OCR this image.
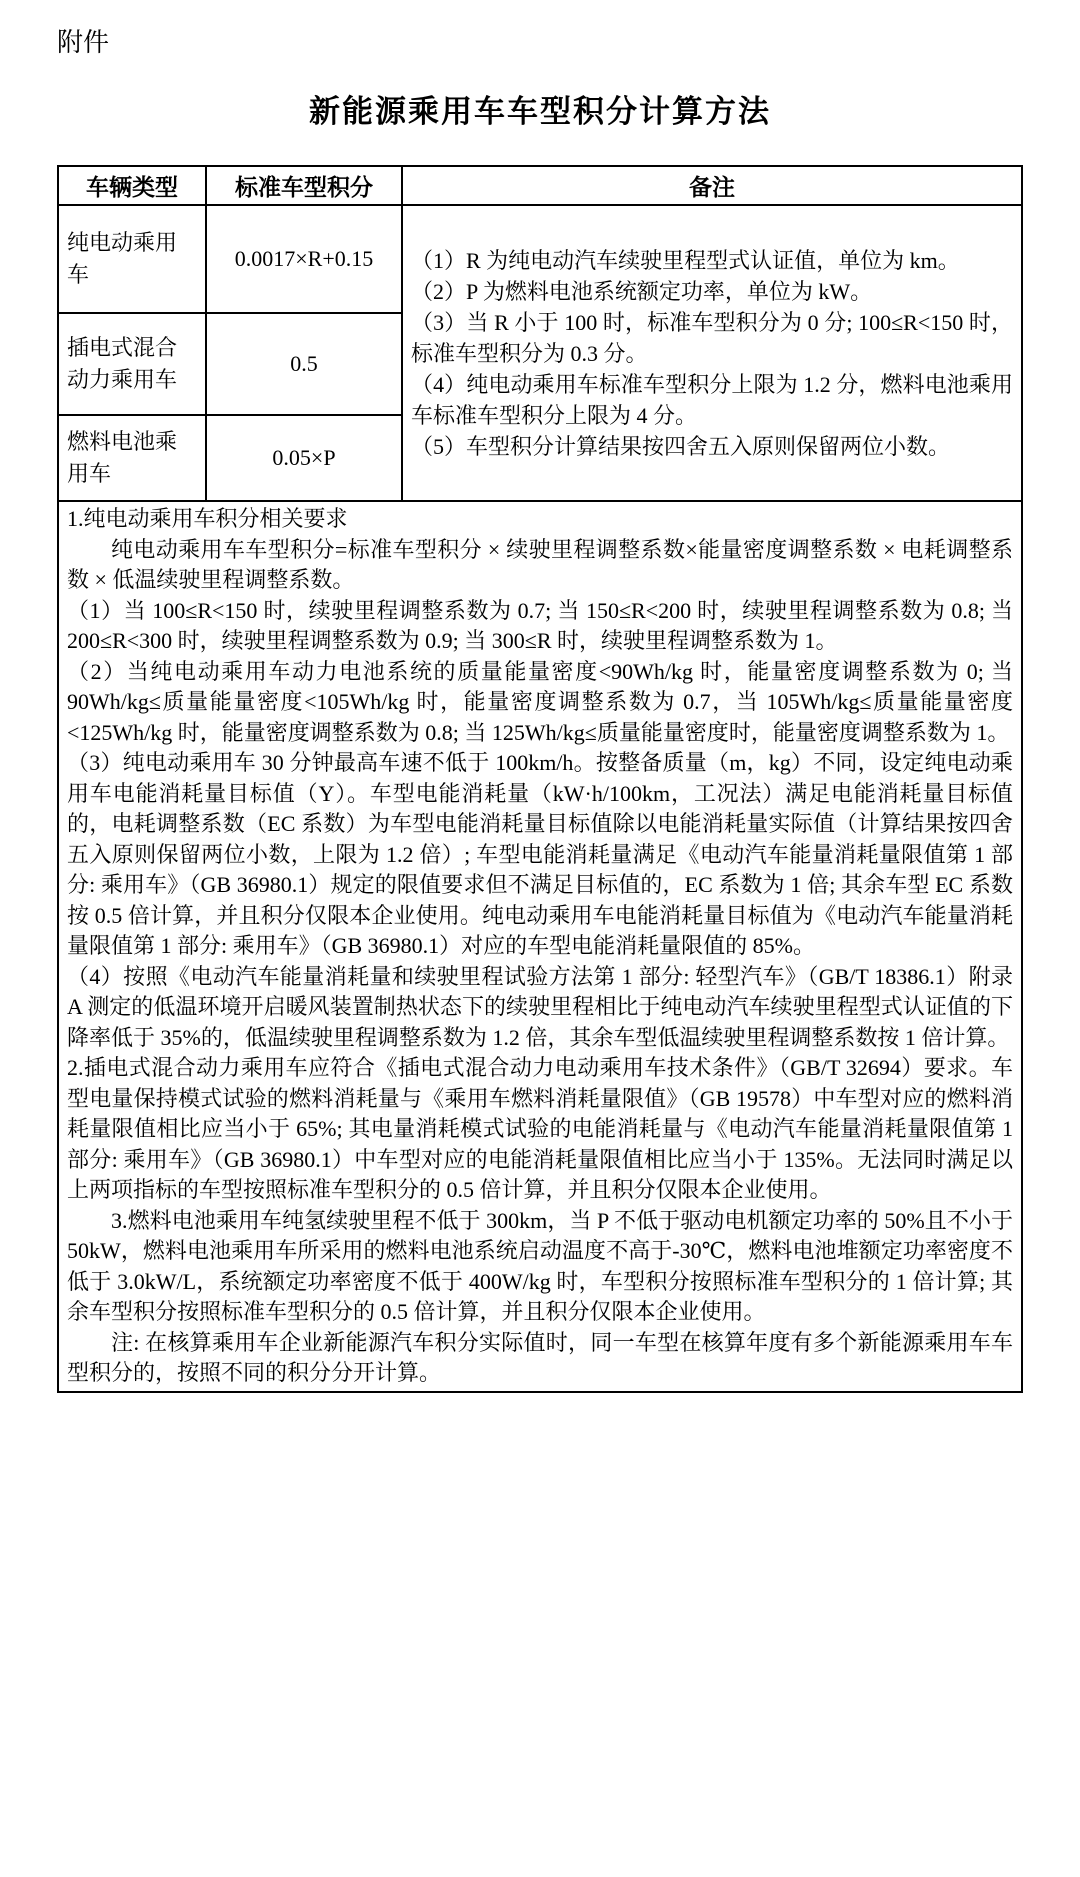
附件
新能源乘用车车型积分计算方法
车辆类型	标准车型积分	备注
纯电动乘用车	0.0017×R+0.15	（1）R 为纯电动汽车续驶里程型式认证值，单位为 km。

（2）P 为燃料电池系统额定功率，单位为 kW。

（3）当 R 小于 100 时，标准车型积分为 0 分; 100≤R<150 时，标准车型积分为 0.3 分。

（4）纯电动乘用车标准车型积分上限为 1.2 分，燃料电池乘用车标准车型积分上限为 4 分。

（5）车型积分计算结果按四舍五入原则保留两位小数。

插电式混合动力乘用车	0.5	
燃料电池乘用车	0.05×P	

1.纯电动乘用车积分相关要求

纯电动乘用车车型积分=标准车型积分 × 续驶里程调整系数×能量密度调整系数 × 电耗调整系数 × 低温续驶里程调整系数。

（1）当 100≤R<150 时，续驶里程调整系数为 0.7; 当 150≤R<200 时，续驶里程调整系数为 0.8; 当 200≤R<300 时，续驶里程调整系数为 0.9; 当 300≤R 时，续驶里程调整系数为 1。

（2）当纯电动乘用车动力电池系统的质量能量密度<90Wh/kg 时，能量密度调整系数为 0; 当 90Wh/kg≤质量能量密度<105Wh/kg 时，能量密度调整系数为 0.7，当 105Wh/kg≤质量能量密度<125Wh/kg 时，能量密度调整系数为 0.8; 当 125Wh/kg≤质量能量密度时，能量密度调整系数为 1。

（3）纯电动乘用车 30 分钟最高车速不低于 100km/h。按整备质量（m，kg）不同，设定纯电动乘用车电能消耗量目标值（Y）。车型电能消耗量（kW·h/100km，工况法）满足电能消耗量目标值的，电耗调整系数（EC 系数）为车型电能消耗量目标值除以电能消耗量实际值（计算结果按四舍五入原则保留两位小数，上限为 1.2 倍）; 车型电能消耗量满足《电动汽车能量消耗量限值第 1 部分: 乘用车》（GB 36980.1）规定的限值要求但不满足目标值的，EC 系数为 1 倍; 其余车型 EC 系数按 0.5 倍计算，并且积分仅限本企业使用。纯电动乘用车电能消耗量目标值为《电动汽车能量消耗量限值第 1 部分: 乘用车》（GB 36980.1）对应的车型电能消耗量限值的 85%。

（4）按照《电动汽车能量消耗量和续驶里程试验方法第 1 部分: 轻型汽车》（GB/T 18386.1）附录 A 测定的低温环境开启暖风装置制热状态下的续驶里程相比于纯电动汽车续驶里程型式认证值的下降率低于 35%的，低温续驶里程调整系数为 1.2 倍，其余车型低温续驶里程调整系数按 1 倍计算。

2.插电式混合动力乘用车应符合《插电式混合动力电动乘用车技术条件》（GB/T 32694）要求。车型电量保持模式试验的燃料消耗量与《乘用车燃料消耗量限值》（GB 19578）中车型对应的燃料消耗量限值相比应当小于 65%; 其电量消耗模式试验的电能消耗量与《电动汽车能量消耗量限值第 1 部分: 乘用车》（GB 36980.1）中车型对应的电能消耗量限值相比应当小于 135%。无法同时满足以上两项指标的车型按照标准车型积分的 0.5 倍计算，并且积分仅限本企业使用。

3.燃料电池乘用车纯氢续驶里程不低于 300km，当 P 不低于驱动电机额定功率的 50%且不小于 50kW，燃料电池乘用车所采用的燃料电池系统启动温度不高于-30℃，燃料电池堆额定功率密度不低于 3.0kW/L，系统额定功率密度不低于 400W/kg 时，车型积分按照标准车型积分的 1 倍计算; 其余车型积分按照标准车型积分的 0.5 倍计算，并且积分仅限本企业使用。

注: 在核算乘用车企业新能源汽车积分实际值时，同一车型在核算年度有多个新能源乘用车车型积分的，按照不同的积分分开计算。
